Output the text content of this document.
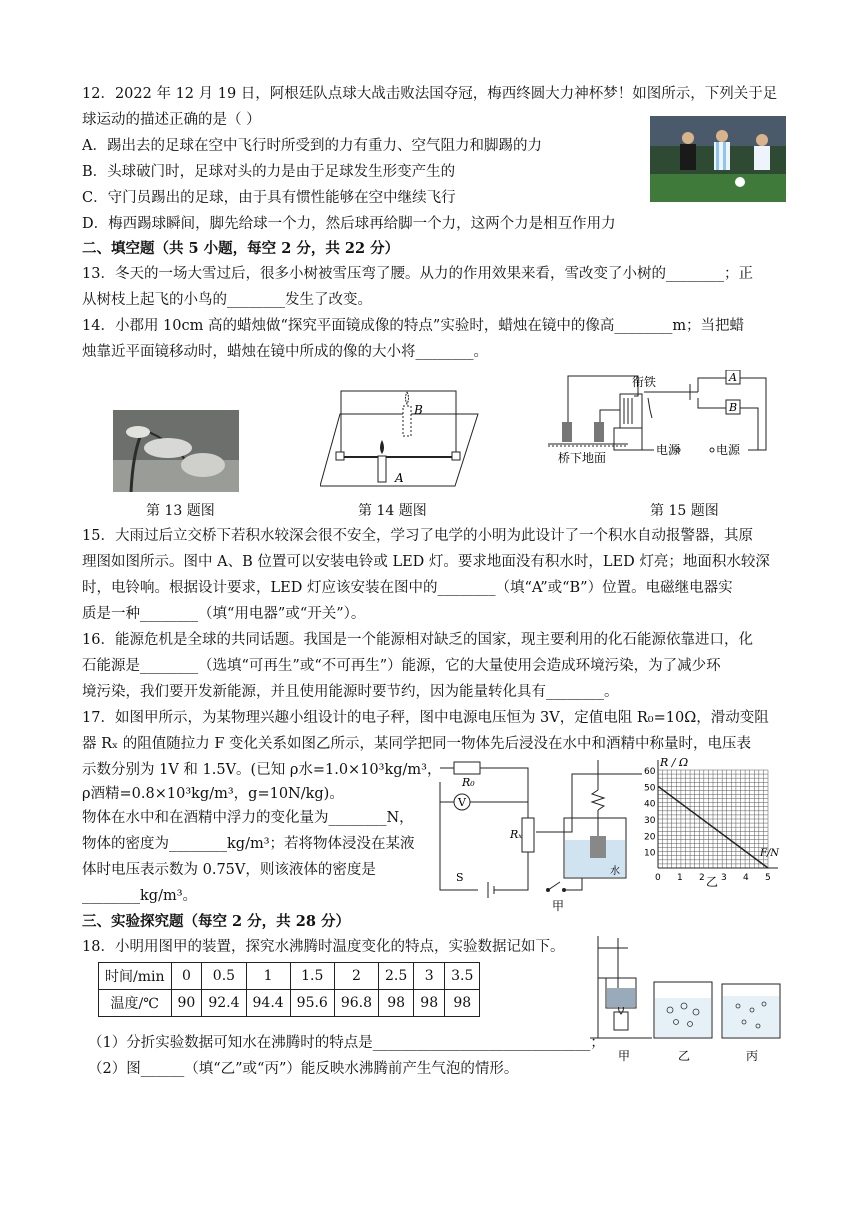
12．2022 年 12 月 19 日，阿根廷队点球大战击败法国夺冠，梅西终圆大力神杯梦！如图所示，下列关于足
球运动的描述正确的是（ ）
A．踢出去的足球在空中飞行时所受到的力有重力、空气阻力和脚踢的力
B．头球破门时，足球对头的力是由于足球发生形变产生的
C．守门员踢出的足球，由于具有惯性能够在空中继续飞行
D．梅西踢球瞬间，脚先给球一个力，然后球再给脚一个力，这两个力是相互作用力
二、填空题（共 5 小题，每空 2 分，共 22 分）
13．冬天的一场大雪过后，很多小树被雪压弯了腰。从力的作用效果来看，雪改变了小树的________；正
从树枝上起飞的小鸟的________发生了改变。
14．小郡用 10cm 高的蜡烛做“探究平面镜成像的特点”实验时，蜡烛在镜中的像高________m；当把蜡
烛靠近平面镜移动时，蜡烛在镜中所成的像的大小将________。
B
A
衔铁	A
B
电源	电源
桥下地面
第 13 题图	第 14 题图	第 15 题图
15．大雨过后立交桥下若积水较深会很不安全，学习了电学的小明为此设计了一个积水自动报警器，其原
理图如图所示。图中 A、B 位置可以安装电铃或 LED 灯。要求地面没有积水时，LED 灯亮；地面积水较深
时，电铃响。根据设计要求，LED 灯应该安装在图中的________（填“A”或“B”）位置。电磁继电器实
质是一种________（填“用电器”或“开关”）。
16．能源危机是全球的共同话题。我国是一个能源相对缺乏的国家，现主要利用的化石能源依靠进口，化
石能源是________（选填“可再生”或“不可再生”）能源，它的大量使用会造成环境污染，为了减少环
境污染，我们要开发新能源，并且使用能源时要节约，因为能量转化具有________。
17．如图甲所示，为某物理兴趣小组设计的电子秤，图中电源电压恒为 3V，定值电阻 R₀=10Ω，滑动变阻
器 Rₓ 的阻值随拉力 F 变化关系如图乙所示，某同学把同一物体先后浸没在水中和酒精中称量时，电压表
示数分别为 1V 和 1.5V。(已知 ρ水=1.0×10³kg/m³，
ρ酒精=0.8×10³kg/m³，g=10N/kg)。
物体在水中和在酒精中浮力的变化量为________N，
物体的密度为________kg/m³；若将物体浸没在某液
体时电压表示数为 0.75V，则该液体的密度是
________kg/m³。
R₀
V
Rₓ
S	水
甲
60
50
40
30
20
10
0 1 2 3 4 5
R / Ω
F/N
乙
三、实验探究题（每空 2 分，共 28 分）
18．小明用图甲的装置，探究水沸腾时温度变化的特点，实验数据记如下。
时间/min	0	0.5	1	1.5	2	2.5	3	3.5
温度/℃	90	92.4	94.4	95.6	96.8	98	98	98
（1）分折实验数据可知水在沸腾时的特点是______________________________；
（2）图______（填“乙”或“丙”）能反映水沸腾前产生气泡的情形。
甲	乙	丙
